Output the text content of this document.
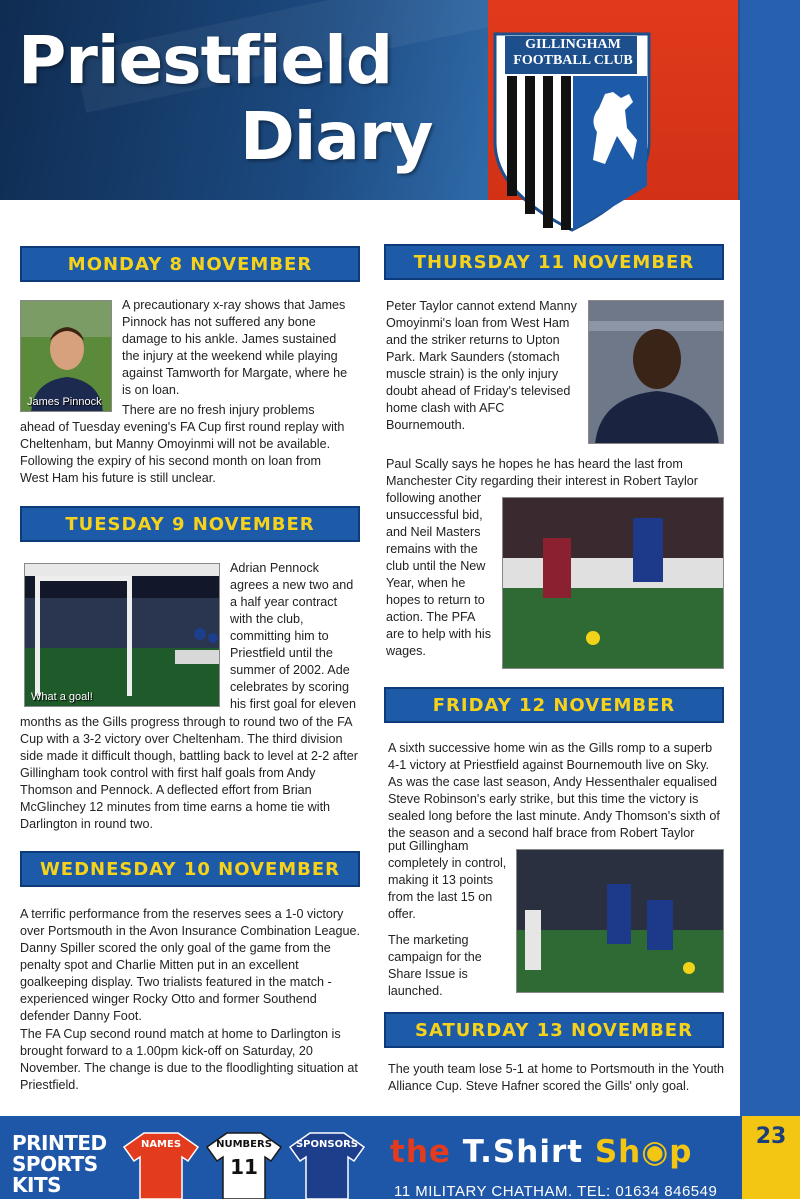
Priestfield
Diary
GILLINGHAM
FOOTBALL CLUB
MONDAY 8 NOVEMBER
James Pinnock
A precautionary x-ray shows that James Pinnock has not suffered any bone damage to his ankle. James sustained the injury at the weekend while playing against Tamworth for Margate, where he is on loan.
There are no fresh injury problems ahead of Tuesday evening's FA Cup first round replay with Cheltenham, but Manny Omoyinmi will not be available. Following the expiry of his second month on loan from West Ham his future is still unclear.
TUESDAY 9 NOVEMBER
What a goal!
Adrian Pennock agrees a new two and a half year contract with the club, committing him to Priestfield until the summer of 2002. Ade celebrates by scoring his first goal for eleven
months as the Gills progress through to round two of the FA Cup with a 3-2 victory over Cheltenham. The third division side made it difficult though, battling back to level at 2-2 after Gillingham took control with first half goals from Andy Thomson and Pennock. A deflected effort from Brian McGlinchey 12 minutes from time earns a home tie with Darlington in round two.
WEDNESDAY 10 NOVEMBER
A terrific performance from the reserves sees a 1-0 victory over Portsmouth in the Avon Insurance Combination League. Danny Spiller scored the only goal of the game from the penalty spot and Charlie Mitten put in an excellent goalkeeping display. Two trialists featured in the match - experienced winger Rocky Otto and former Southend defender Danny Foot.
The FA Cup second round match at home to Darlington is brought forward to a 1.00pm kick-off on Saturday, 20 November. The change is due to the floodlighting situation at Priestfield.
THURSDAY 11 NOVEMBER
Peter Taylor cannot extend Manny Omoyinmi's loan from West Ham and the striker returns to Upton Park. Mark Saunders (stomach muscle strain) is the only injury doubt ahead of Friday's televised home clash with AFC Bournemouth.
Paul Scally says he hopes he has heard the last from Manchester City regarding their interest in Robert Taylor
following another unsuccessful bid, and Neil Masters remains with the club until the New Year, when he hopes to return to action. The PFA are to help with his wages.
FRIDAY 12 NOVEMBER
A sixth successive home win as the Gills romp to a superb 4-1 victory at Priestfield against Bournemouth live on Sky. As was the case last season, Andy Hessenthaler equalised Steve Robinson's early strike, but this time the victory is sealed long before the last minute. Andy Thomson's sixth of the season and a second half brace from Robert Taylor
put Gillingham completely in control, making it 13 points from the last 15 on offer.
The marketing campaign for the Share Issue is launched.
SATURDAY 13 NOVEMBER
The youth team lose 5-1 at home to Portsmouth in the Youth Alliance Cup. Steve Hafner scored the Gills' only goal.
23
PRINTED
SPORTS
KITS
NAMES	NUMBERS
11
SPONSORS the T.Shirt Sh◉p
11 MILITARY CHATHAM. TEL: 01634 846549
